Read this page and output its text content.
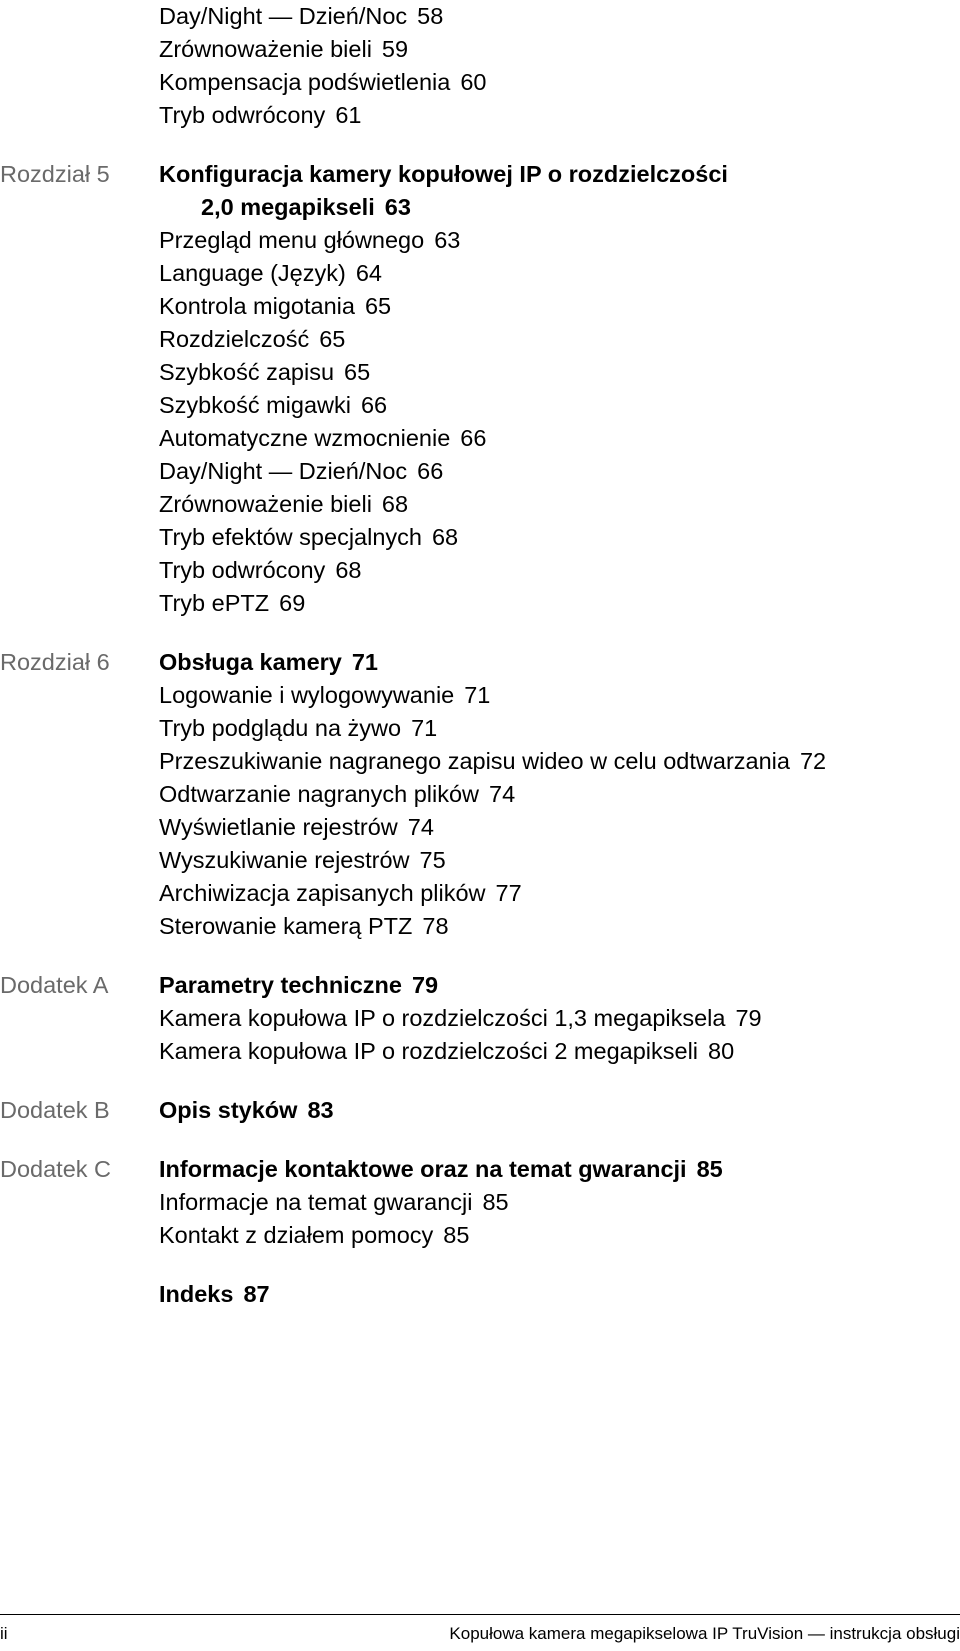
Day/Night — Dzień/Noc 58
Zrównoważenie bieli 59
Kompensacja podświetlenia 60
Tryb odwrócony 61
Rozdział 5 Konfiguracja kamery kopułowej IP o rozdzielczości
2,0 megapikseli 63
Przegląd menu głównego 63
Language (Język) 64
Kontrola migotania 65
Rozdzielczość 65
Szybkość zapisu 65
Szybkość migawki 66
Automatyczne wzmocnienie 66
Day/Night — Dzień/Noc 66
Zrównoważenie bieli 68
Tryb efektów specjalnych 68
Tryb odwrócony 68
Tryb ePTZ 69
Rozdział 6 Obsługa kamery 71
Logowanie i wylogowywanie 71
Tryb podglądu na żywo 71
Przeszukiwanie nagranego zapisu wideo w celu odtwarzania 72
Odtwarzanie nagranych plików 74
Wyświetlanie rejestrów 74
Wyszukiwanie rejestrów 75
Archiwizacja zapisanych plików 77
Sterowanie kamerą PTZ 78
Dodatek A Parametry techniczne 79
Kamera kopułowa IP o rozdzielczości 1,3 megapiksela 79
Kamera kopułowa IP o rozdzielczości 2 megapikseli 80
Dodatek B Opis styków 83
Dodatek C Informacje kontaktowe oraz na temat gwarancji 85
Informacje na temat gwarancji 85
Kontakt z działem pomocy 85
Indeks 87
ii	Kopułowa kamera megapikselowa IP TruVision — instrukcja obsługi
